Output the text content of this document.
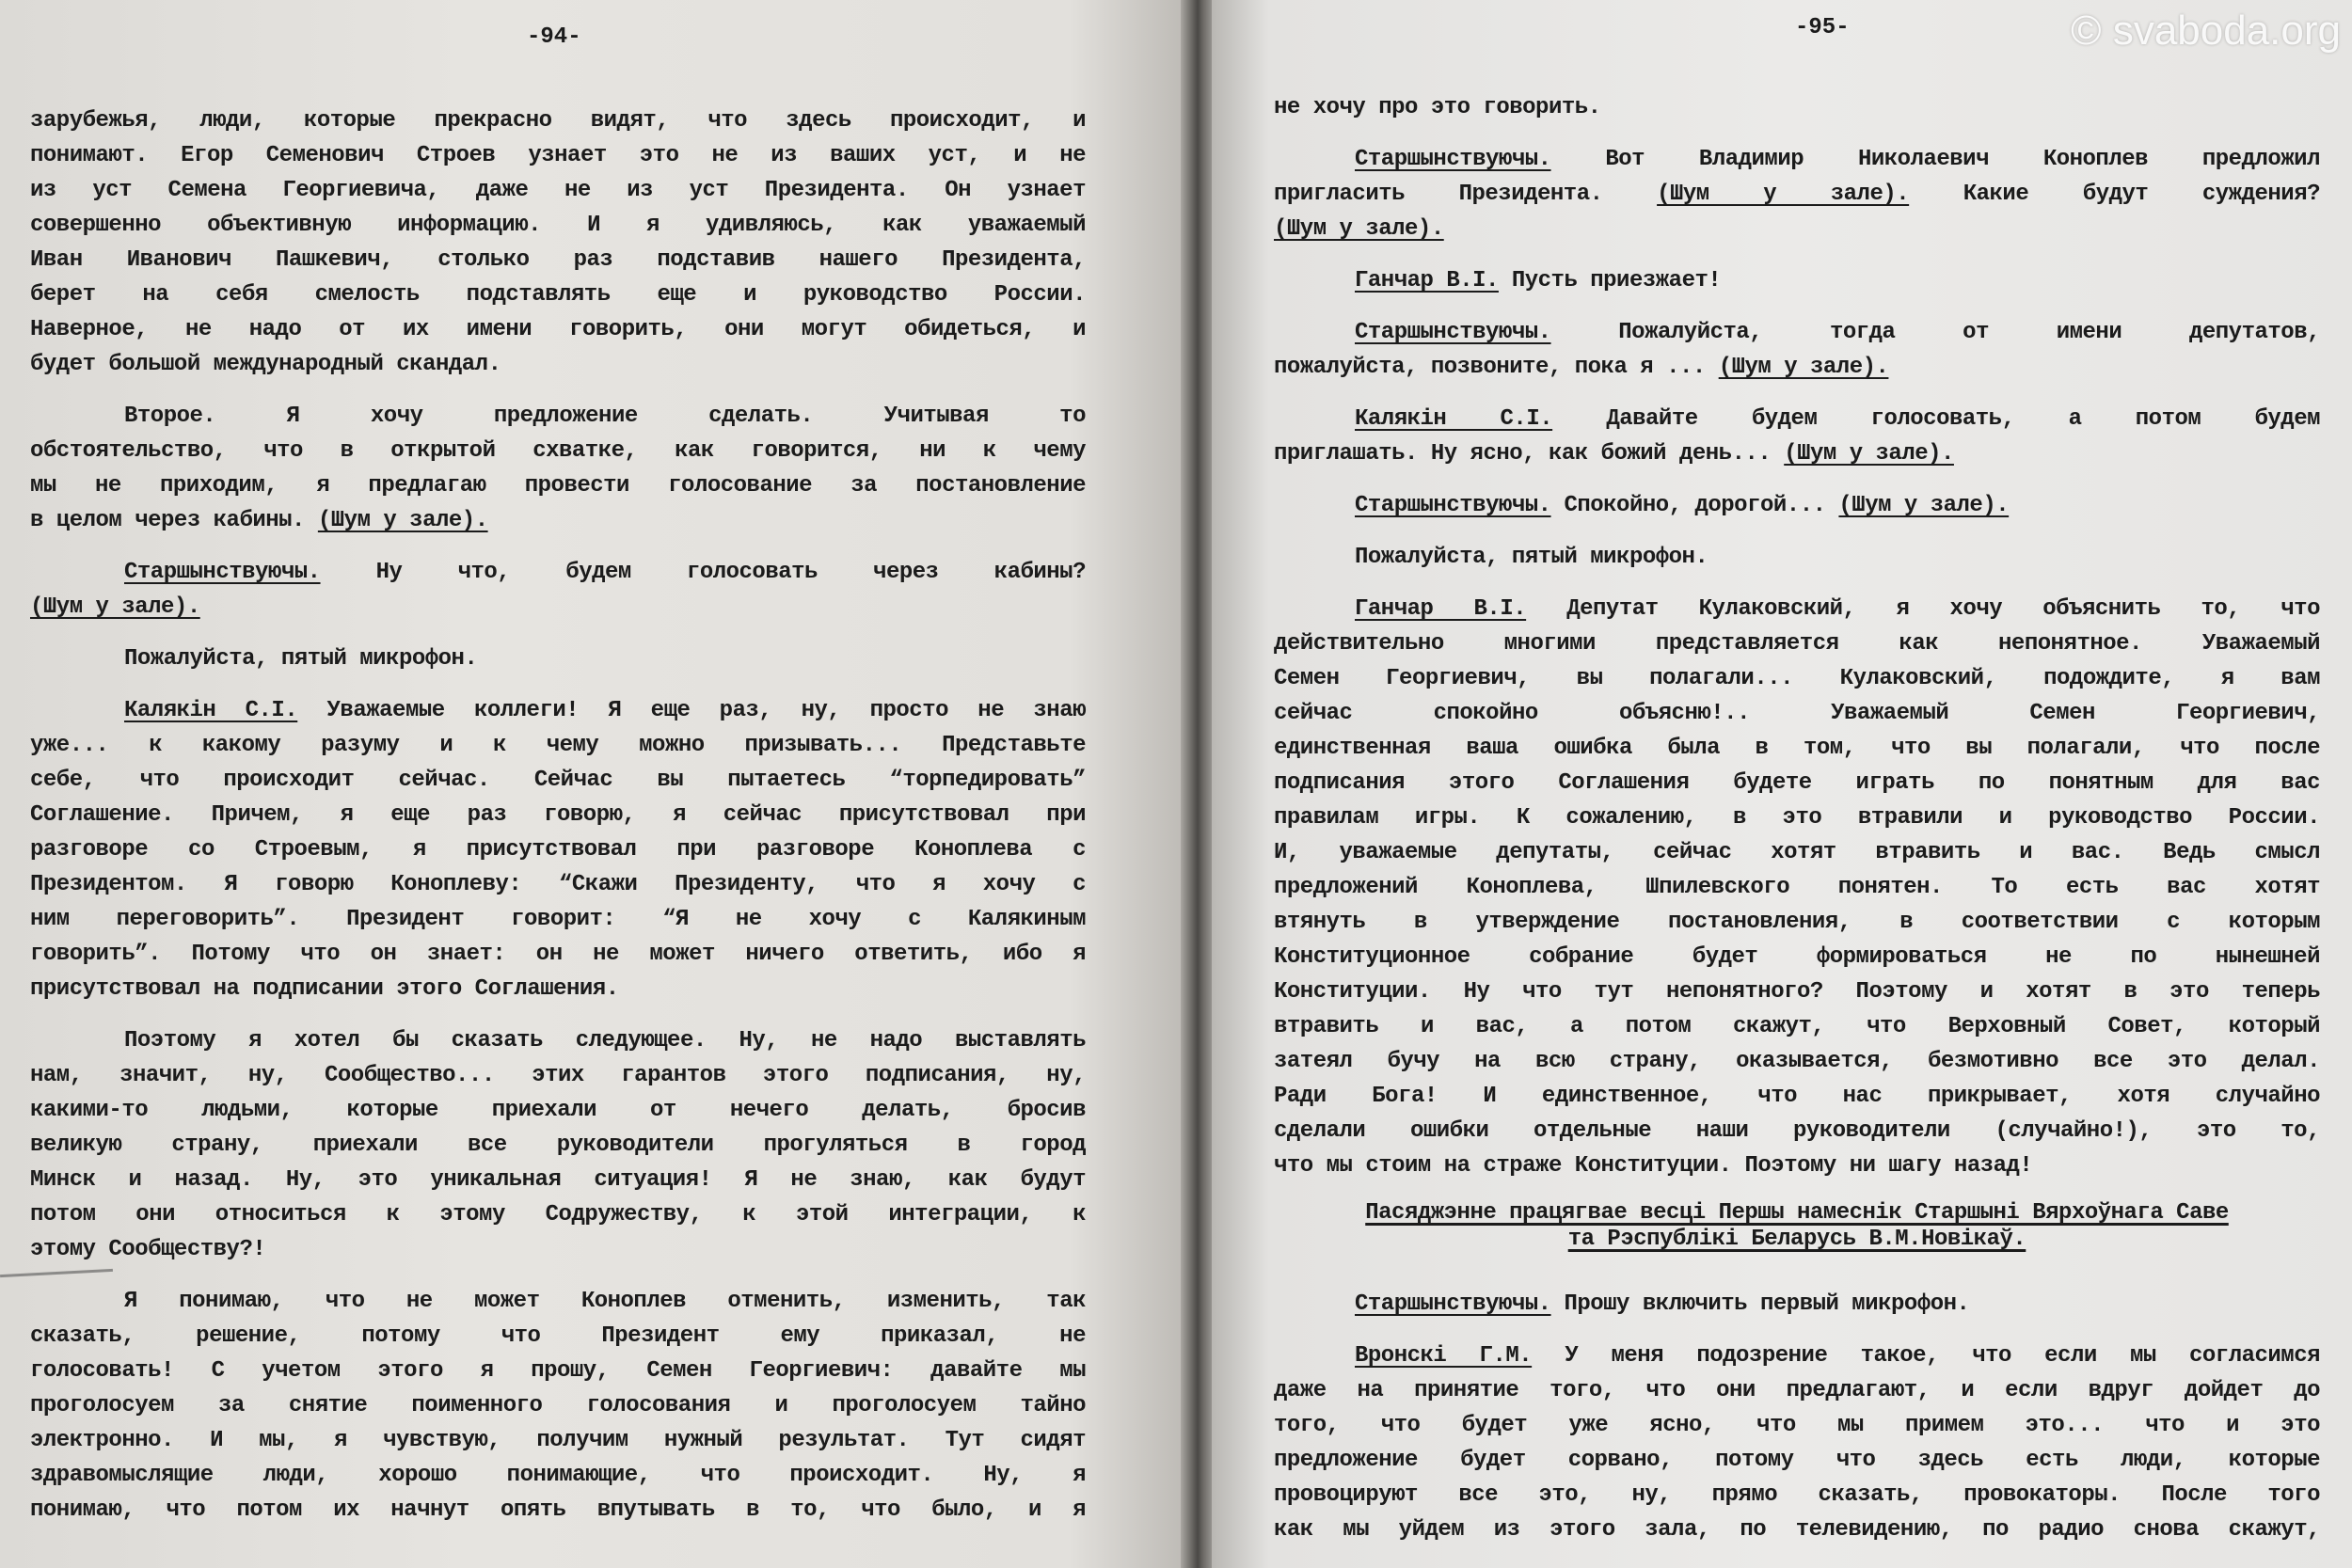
-94-
зарубежья, люди, которые прекрасно видят, что здесь происходит, и
понимают. Егор Семенович Строев узнает это не из ваших уст, и не
из уст Семена Георгиевича, даже не из уст Президента. Он узнает
совершенно объективную информацию. И я удивляюсь, как уважаемый
Иван Иванович Пашкевич, столько раз подставив нашего Президента,
берет на себя смелость подставлять еще и руководство России.
Наверное, не надо от их имени говорить, они могут обидеться, и
будет большой международный скандал.
Второе. Я хочу предложение сделать. Учитывая то
обстоятельство, что в открытой схватке, как говорится, ни к чему
мы не приходим, я предлагаю провести голосование за постановление
в целом через кабины. (Шум у зале).
Старшынствуючы. Ну что, будем голосовать через кабины?
(Шум у зале).
Пожалуйста, пятый микрофон.
Калякін С.І. Уважаемые коллеги! Я еще раз, ну, просто не знаю
уже... к какому разуму и к чему можно призывать... Представьте
себе, что происходит сейчас. Сейчас вы пытаетесь “торпедировать”
Соглашение. Причем, я еще раз говорю, я сейчас присутствовал при
разговоре со Строевым, я присутствовал при разговоре Коноплева с
Президентом. Я говорю Коноплеву: “Скажи Президенту, что я хочу с
ним переговорить”. Президент говорит: “Я не хочу с Калякиным
говорить”. Потому что он знает: он не может ничего ответить, ибо я
присутствовал на подписании этого Соглашения.
Поэтому я хотел бы сказать следующее. Ну, не надо выставлять
нам, значит, ну, Сообщество... этих гарантов этого подписания, ну,
какими-то людьми, которые приехали от нечего делать, бросив
великую страну, приехали все руководители прогуляться в город
Минск и назад. Ну, это уникальная ситуация! Я не знаю, как будут
потом они относиться к этому Содружеству, к этой интеграции, к
этому Сообществу?!
Я понимаю, что не может Коноплев отменить, изменить, так
сказать, решение, потому что Президент ему приказал, не
голосовать! С учетом этого я прошу, Семен Георгиевич: давайте мы
проголосуем за снятие поименного голосования и проголосуем тайно
электронно. И мы, я чувствую, получим нужный результат. Тут сидят
здравомыслящие люди, хорошо понимающие, что происходит. Ну, я
понимаю, что потом их начнут опять впутывать в то, что было, и я
-95-
не хочу про это говорить.
Старшынствуючы. Вот Владимир Николаевич Коноплев предложил
пригласить Президента. (Шум у зале). Какие будут суждения?
(Шум у зале).
Ганчар В.І. Пусть приезжает!
Старшынствуючы. Пожалуйста, тогда от имени депутатов,
пожалуйста, позвоните, пока я ... (Шум у зале).
Калякін С.І. Давайте будем голосовать, а потом будем
приглашать. Ну ясно, как божий день... (Шум у зале).
Старшынствуючы. Спокойно, дорогой... (Шум у зале).
Пожалуйста, пятый микрофон.
Ганчар В.І. Депутат Кулаковский, я хочу объяснить то, что
действительно многими представляется как непонятное. Уважаемый
Семен Георгиевич, вы полагали... Кулаковский, подождите, я вам
сейчас спокойно объясню!.. Уважаемый Семен Георгиевич,
единственная ваша ошибка была в том, что вы полагали, что после
подписания этого Соглашения будете играть по понятным для вас
правилам игры. К сожалению, в это втравили и руководство России.
И, уважаемые депутаты, сейчас хотят втравить и вас. Ведь смысл
предложений Коноплева, Шпилевского понятен. То есть вас хотят
втянуть в утверждение постановления, в соответствии с которым
Конституционное собрание будет формироваться не по нынешней
Конституции. Ну что тут непонятного? Поэтому и хотят в это теперь
втравить и вас, а потом скажут, что Верховный Совет, который
затеял бучу на всю страну, оказывается, безмотивно все это делал.
Ради Бога! И единственное, что нас прикрывает, хотя случайно
сделали ошибки отдельные наши руководители (случайно!), это то,
что мы стоим на страже Конституции. Поэтому ни шагу назад!
Пасяджэнне працягвае весці Першы намеснік Старшыні Вярхоўнага Саве
та Рэспублікі Беларусь В.М.Новікаў.
Старшынствуючы. Прошу включить первый микрофон.
Вронскі Г.М. У меня подозрение такое, что если мы согласимся
даже на принятие того, что они предлагают, и если вдруг дойдет до
того, что будет уже ясно, что мы примем это... что и это
предложение будет сорвано, потому что здесь есть люди, которые
провоцируют все это, ну, прямо сказать, провокаторы. После того
как мы уйдем из этого зала, по телевидению, по радио снова скажут,
© svaboda.org
